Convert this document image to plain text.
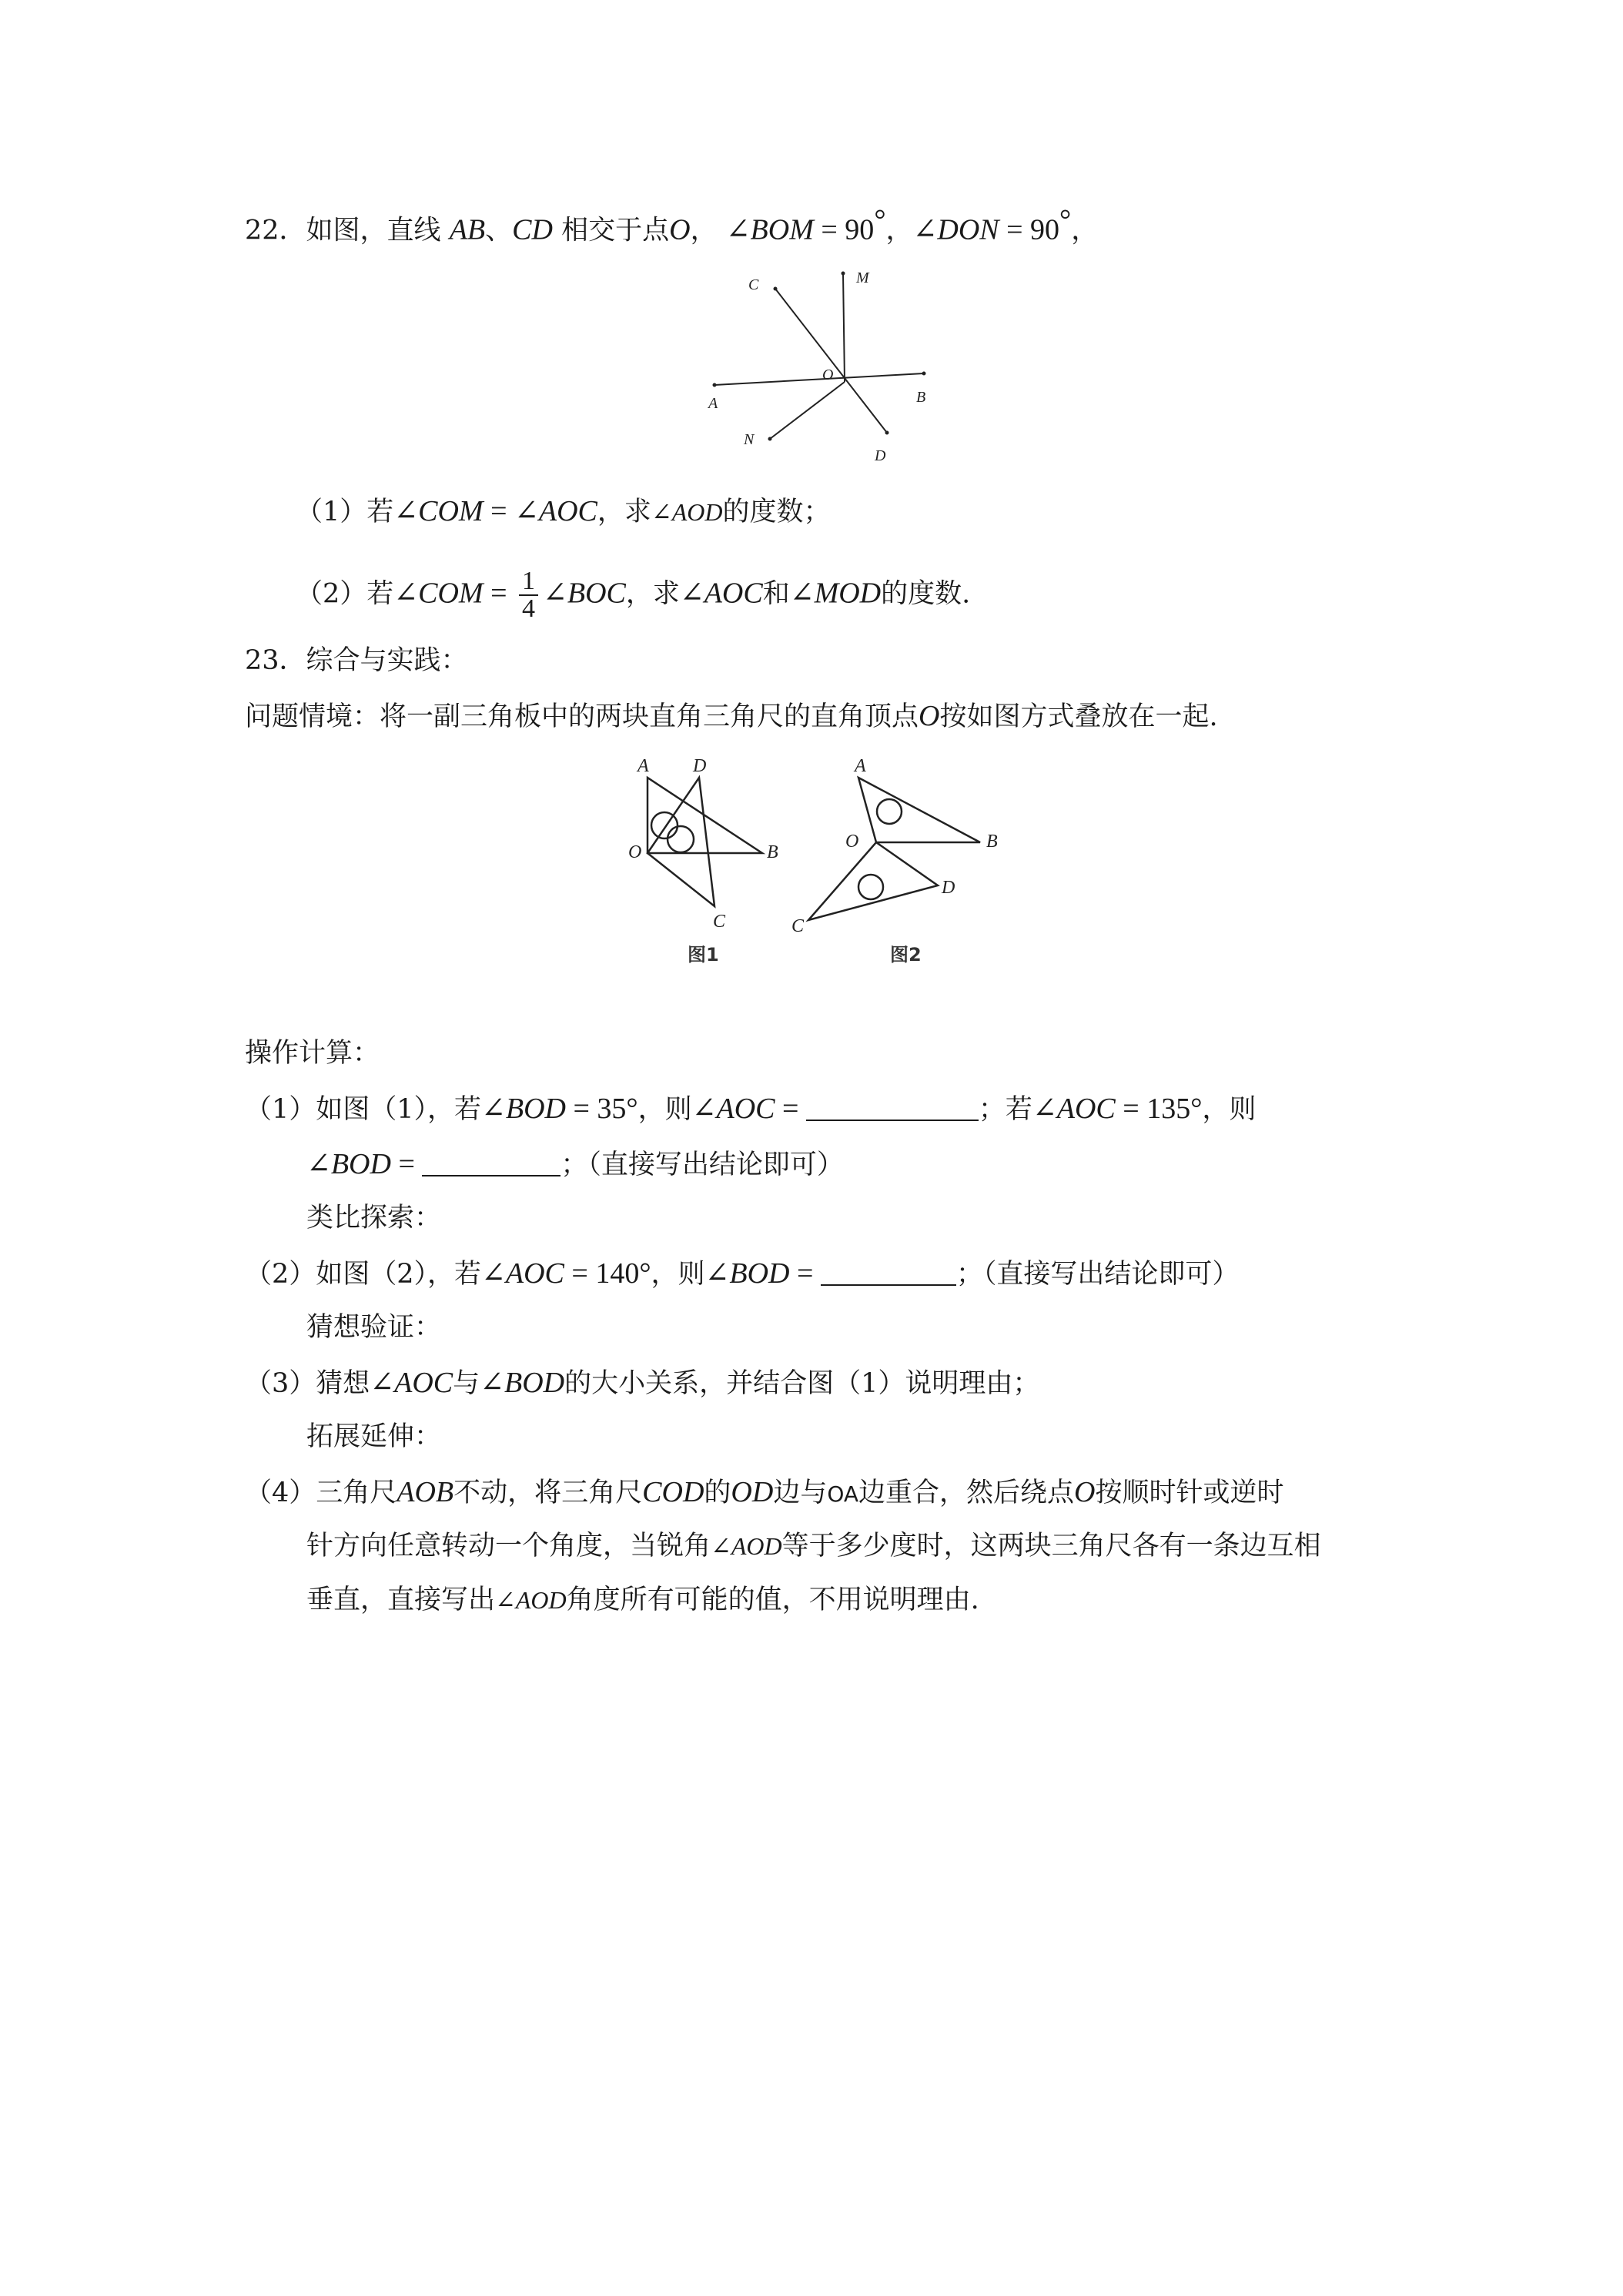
22．如图，直线 AB、CD 相交于点O， ∠BOM = 90°，∠DON = 90°，
C	M
O
A	B
N
D
（1）若∠COM = ∠AOC，求∠AOD的度数；
（2）若∠COM = $\frac{1}{4}$ ∠BOC，求∠AOC和∠MOD的度数.
23．综合与实践：
问题情境：将一副三角板中的两块直角三角尺的直角顶点O按如图方式叠放在一起.
A D
O	B
C
图1
A
O	B
D
C
图2
操作计算：
（1）如图（1），若∠BOD = 35°，则∠AOC =	；若∠AOC = 135°，则
∠BOD =	；（直接写出结论即可）
类比探索：
（2）如图（2），若∠AOC = 140°，则∠BOD =	；（直接写出结论即可）
猜想验证：
（3）猜想∠AOC与∠BOD的大小关系，并结合图（1）说明理由；
拓展延伸：
（4）三角尺AOB不动，将三角尺COD的OD边与OA边重合，然后绕点O按顺时针或逆时
针方向任意转动一个角度，当锐角∠AOD等于多少度时，这两块三角尺各有一条边互相
垂直，直接写出∠AOD角度所有可能的值，不用说明理由.
